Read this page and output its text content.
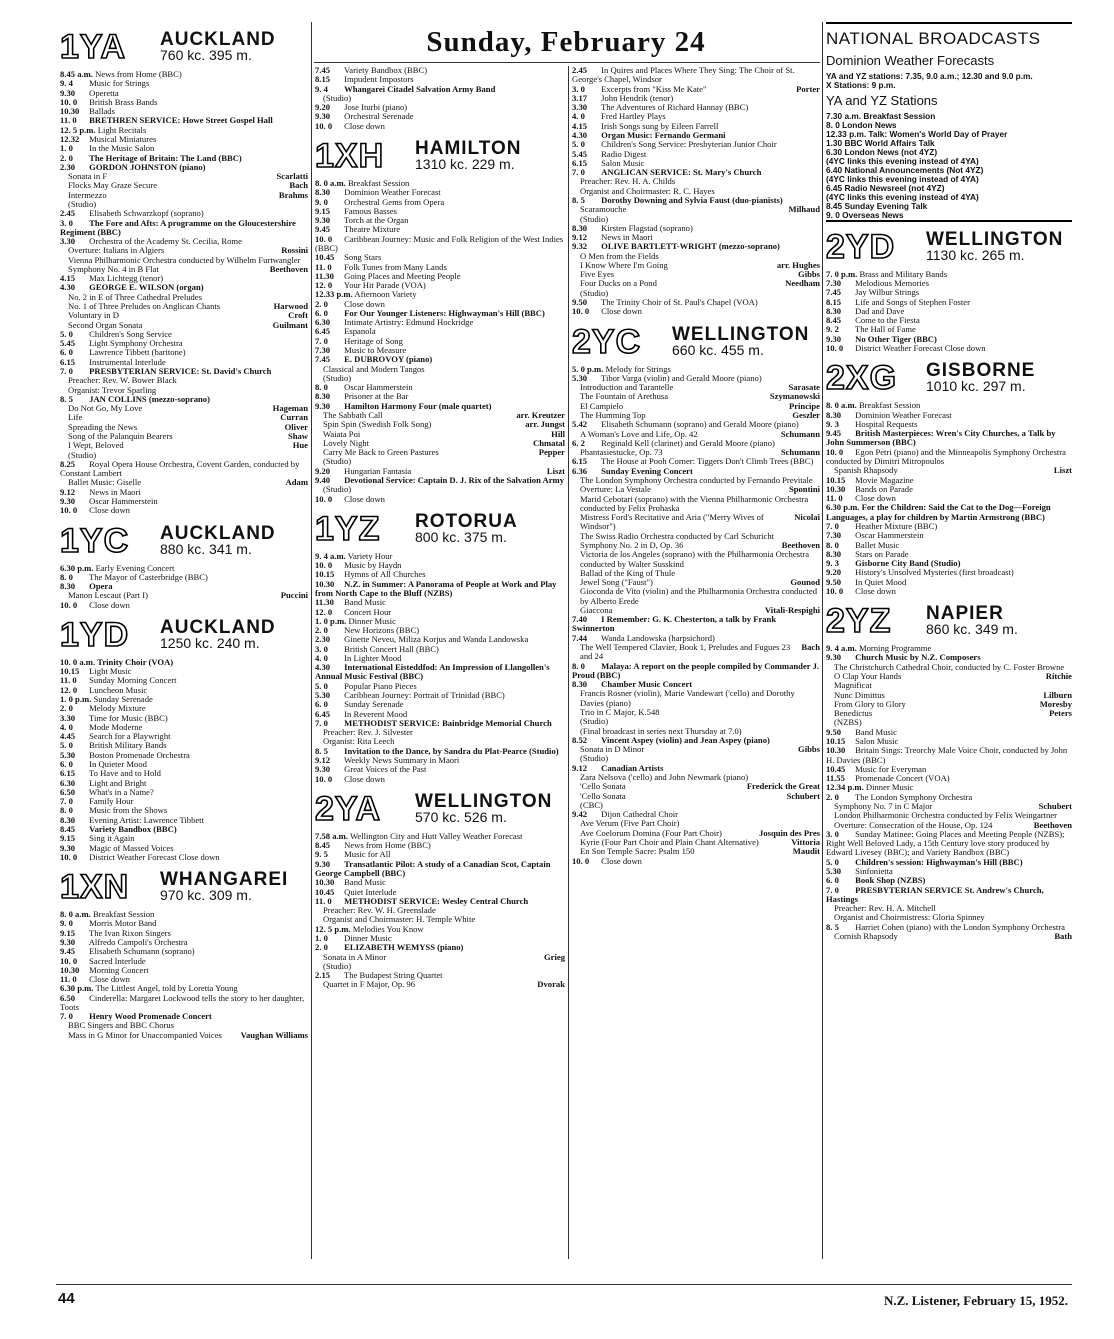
Sunday, February 24
1YA AUCKLAND
760 kc. 395 m.
8.45 a.m. News from Home (BBC)
9. 4 Music for Strings
9.30 Operetta
10. 0 British Brass Bands
10.30 Ballads
11. 0 BRETHREN SERVICE: Howe Street Gospel Hall
12. 5 p.m. Light Recitals
12.32 Musical Miniatures
1. 0 In the Music Salon
2. 0 The Heritage of Britain: The Land (BBC)
2.30 GORDON JOHNSTON (piano)
Scarlatti
Sonata in F
Bach
Flocks May Graze Secure
Brahms
Intermezzo
(Studio)
2.45 Elisabeth Schwarzkopf (soprano)
3. 0 The Fore and Afts: A programme on the Gloucestershire Regiment (BBC)
3.30 Orchestra of the Academy St. Cecilia, Rome
Rossini
Overture: Italians in Algiers
Vienna Philharmonic Orchestra conducted by Wilhelm Furtwangler
Beethoven
Symphony No. 4 in B Flat
4.15 Max Lichtegg (tenor)
4.30 GEORGE E. WILSON (organ)
No. 2 in E of Three Cathedral Preludes
Harwood
No. 1 of Three Preludes on Anglican Chants
Croft
Voluntary in D
Guilmant
Second Organ Sonata
5. 0 Children's Song Service
5.45 Light Symphony Orchestra
6. 0 Lawrence Tibbett (baritone)
6.15 Instrumental Interlude
7. 0 PRESBYTERIAN SERVICE: St. David's Church
Preacher: Rev. W. Bower Black
Organist: Trevor Sparling
8. 5 JAN COLLINS (mezzo-soprano)
Hageman
Do Not Go, My Love
Curran
Life
Oliver
Spreading the News
Shaw
Song of the Palanquin Bearers
Hue
I Wept, Beloved
(Studio)
8.25 Royal Opera House Orchestra, Covent Garden, conducted by Constant Lambert
Adam
Ballet Music: Giselle
9.12 News in Maori
9.30 Oscar Hammerstein
10. 0 Close down
1YC AUCKLAND
880 kc. 341 m.
6.30 p.m. Early Evening Concert
8. 0 The Mayor of Casterbridge (BBC)
8.30 Opera
Puccini
Manon Lescaut (Part I)
10. 0 Close down
1YD AUCKLAND
1250 kc. 240 m.
10. 0 a.m. Trinity Choir (VOA)
10.15 Light Music
11. 0 Sunday Morning Concert
12. 0 Luncheon Music
1. 0 p.m. Sunday Serenade
2. 0 Melody Mixture
3.30 Time for Music (BBC)
4. 0 Mode Moderne
4.45 Search for a Playwright
5. 0 British Military Bands
5.30 Boston Promenade Orchestra
6. 0 In Quieter Mood
6.15 To Have and to Hold
6.30 Light and Bright
6.50 What's in a Name?
7. 0 Family Hour
8. 0 Music from the Shows
8.30 Evening Artist: Lawrence Tibbett
8.45 Variety Bandbox (BBC)
9.15 Sing it Again
9.30 Magic of Massed Voices
10. 0 District Weather Forecast Close down
1XN WHANGAREI
970 kc. 309 m.
8. 0 a.m. Breakfast Session
9. 0 Morris Motor Band
9.15 The Ivan Rixon Singers
9.30 Alfredo Campoli's Orchestra
9.45 Elisabeth Schumann (soprano)
10. 0 Sacred Interlude
10.30 Morning Concert
11. 0 Close down
6.30 p.m. The Littlest Angel, told by Loretta Young
6.50 Cinderella: Margaret Lockwood tells the story to her daughter, Toots
7. 0 Henry Wood Promenade Concert
BBC Singers and BBC Chorus
Vaughan Williams
Mass in G Minor for Unaccompanied Voices
7.45 Variety Bandbox (BBC)
8.15 Impudent Impostors
9. 4 Whangarei Citadel Salvation Army Band
(Studio)
9.20 Jose Iturbi (piano)
9.30 Orchestral Serenade
10. 0 Close down
1XH HAMILTON
1310 kc. 229 m.
8. 0 a.m. Breakfast Session
8.30 Dominion Weather Forecast
9. 0 Orchestral Gems from Opera
9.15 Famous Basses
9.30 Torch at the Organ
9.45 Theatre Mixture
10. 0 Caribbean Journey: Music and Folk Religion of the West Indies (BBC)
10.45 Song Stars
11. 0 Folk Tunes from Many Lands
11.30 Going Places and Meeting People
12. 0 Your Hit Parade (VOA)
12.33 p.m. Afternoon Variety
2. 0 Close down
6. 0 For Our Younger Listeners: Highwayman's Hill (BBC)
6.30 Intimate Artistry: Edmund Hockridge
6.45 Espanola
7. 0 Heritage of Song
7.30 Music to Measure
7.45 E. DUBROVOY (piano)
Classical and Modern Tangos
(Studio)
8. 0 Oscar Hammerstein
8.30 Prisoner at the Bar
9.30 Hamilton Harmony Four (male quartet)
arr. Kreutzer
The Sabbath Call
arr. Jungst
Spin Spin (Swedish Folk Song)
Hill
Waiata Poi
Chmatal
Lovely Night
Pepper
Carry Me Back to Green Pastures
(Studio)
Liszt
9.20 Hungarian Fantasia
9.40 Devotional Service: Captain D. J. Rix of the Salvation Army
(Studio)
10. 0 Close down
1YZ ROTORUA
800 kc. 375 m.
9. 4 a.m. Variety Hour
10. 0 Music by Haydn
10.15 Hymns of All Churches
10.30 N.Z. in Summer: A Panorama of People at Work and Play from North Cape to the Bluff (NZBS)
11.30 Band Music
12. 0 Concert Hour
1. 0 p.m. Dinner Music
2. 0 New Horizons (BBC)
2.30 Ginette Neveu, Miliza Korjus and Wanda Landowska
3. 0 British Concert Hall (BBC)
4. 0 In Lighter Mood
4.30 International Eisteddfod: An Impression of Llangollen's Annual Music Festival (BBC)
5. 0 Popular Piano Pieces
5.30 Caribbean Journey: Portrait of Trinidad (BBC)
6. 0 Sunday Serenade
6.45 In Reverent Mood
7. 0 METHODIST SERVICE: Bainbridge Memorial Church
Preacher: Rev. J. Silvester
Organist: Rita Leech
8. 5 Invitation to the Dance, by Sandra du Plat-Pearce (Studio)
9.12 Weekly News Summary in Maori
9.30 Great Voices of the Past
10. 0 Close down
2YA WELLINGTON
570 kc. 526 m.
7.58 a.m. Wellington City and Hutt Valley Weather Forecast
8.45 News from Home (BBC)
9. 5 Music for All
9.30 Transatlantic Pilot: A study of a Canadian Scot, Captain George Campbell (BBC)
10.30 Band Music
10.45 Quiet Interlude
11. 0 METHODIST SERVICE: Wesley Central Church
Preacher: Rev. W. H. Greenslade
Organist and Choirmaster: H. Temple White
12. 5 p.m. Melodies You Know
1. 0 Dinner Music
2. 0 ELIZABETH WEMYSS (piano)
Grieg
Sonata in A Minor
(Studio)
2.15 The Budapest String Quartet
Dvorak
Quartet in F Major, Op. 96
2.45 In Quires and Places Where They Sing: The Choir of St. George's Chapel, Windsor
Porter
3. 0 Excerpts from "Kiss Me Kate"
3.17 John Hendrik (tenor)
3.30 The Adventures of Richard Hannay (BBC)
4. 0 Fred Hartley Plays
4.15 Irish Songs sung by Eileen Farrell
4.30 Organ Music: Fernando Germani
5. 0 Children's Song Service: Presbyterian Junior Choir
5.45 Radio Digest
6.15 Salon Music
7. 0 ANGLICAN SERVICE: St. Mary's Church
Preacher: Rev. H. A. Childs
Organist and Choirmaster: R. C. Hayes
8. 5 Dorothy Downing and Sylvia Faust (duo-pianists)
Milhaud
Scaramouche
(Studio)
8.30 Kirsten Flagstad (soprano)
9.12 News in Maori
9.32 OLIVE BARTLETT-WRIGHT (mezzo-soprano)
O Men from the Fields
arr. Hughes
I Know Where I'm Going
Gibbs
Five Eyes
Needham
Four Ducks on a Pond
(Studio)
9.50 The Trinity Choir of St. Paul's Chapel (VOA)
10. 0 Close down
2YC WELLINGTON
660 kc. 455 m.
5. 0 p.m. Melody for Strings
5.30 Tibor Varga (violin) and Gerald Moore (piano)
Sarasate
Introduction and Tarantelle
Szymanowski
The Fountain of Arethusa
Principe
El Campielo
Geszler
The Humming Top
5.42 Elisabeth Schumann (soprano) and Gerald Moore (piano)
Schumann
A Woman's Love and Life, Op. 42
6. 2 Reginald Kell (clarinet) and Gerald Moore (piano)
Schumann
Phantasiestucke, Op. 73
6.15 The House at Pooh Corner: Tiggers Don't Climb Trees (BBC)
6.36 Sunday Evening Concert
The London Symphony Orchestra conducted by Fernando Previtale
Spontini
Overture: La Vestale
Marid Cebotari (soprano) with the Vienna Philharmonic Orchestra conducted by Felix Prohaska
Nicolai
Mistress Ford's Recitative and Aria ("Merry Wives of Windsor")
The Swiss Radio Orchestra conducted by Carl Schuricht
Beethoven
Symphony No. 2 in D, Op. 36
Victoria de los Angeles (soprano) with the Philharmonia Orchestra conducted by Walter Susskind
Ballad of the King of Thule
Gounod
Jewel Song ("Faust")
Gioconda de Vito (violin) and the Philharmonia Orchestra conducted by Alberto Erede
Vitali-Respighi
Giaccona
7.40 I Remember: G. K. Chesterton, a talk by Frank Swinnerton
7.44 Wanda Landowska (harpsichord)
Bach
The Well Tempered Clavier, Book 1, Preludes and Fugues 23 and 24
8. 0 Malaya: A report on the people compiled by Commander J. Proud (BBC)
8.30 Chamber Music Concert
Francis Rosner (violin), Marie Vandewart ('cello) and Dorothy Davies (piano)
Trio in C Major, K.548
(Studio)
(Final broadcast in series next Thursday at 7.0)
8.52 Vincent Aspey (violin) and Jean Aspey (piano)
Gibbs
Sonata in D Minor
(Studio)
9.12 Canadian Artists
Zara Nelsova ('cello) and John Newmark (piano)
Frederick the Great
'Cello Sonata
Schubert
'Cello Sonata
(CBC)
9.42 Dijon Cathedral Choir
Ave Verum (Five Part Choir)
Josquin des Pres
Ave Coelorum Domina (Four Part Choir)
Vittoria
Kyrie (Four Part Choir and Plain Chant Alternative)
Maudit
En Son Temple Sacre: Psalm 150
10. 0 Close down
NATIONAL BROADCASTS
Dominion Weather Forecasts
YA and YZ stations: 7.35, 9.0 a.m.; 12.30 and 9.0 p.m.
X Stations: 9 p.m.
YA and YZ Stations
7.30 a.m. Breakfast Session
8. 0 London News
12.33 p.m. Talk: Women's World Day of Prayer
1.30 BBC World Affairs Talk
6.30 London News (not 4YZ)
(4YC links this evening instead of 4YA)
6.40 National Announcements (Not 4YZ)
(4YC links this evening instead of 4YA)
6.45 Radio Newsreel (not 4YZ)
(4YC links this evening instead of 4YA)
8.45 Sunday Evening Talk
9. 0 Overseas News
2YD WELLINGTON
1130 kc. 265 m.
7. 0 p.m. Brass and Military Bands
7.30 Melodious Memories
7.45 Jay Wilbur Strings
8.15 Life and Songs of Stephen Foster
8.30 Dad and Dave
8.45 Come to the Fiesta
9. 2 The Hall of Fame
9.30 No Other Tiger (BBC)
10. 0 District Weather Forecast Close down
2XG GISBORNE
1010 kc. 297 m.
8. 0 a.m. Breakfast Session
8.30 Dominion Weather Forecast
9. 3 Hospital Requests
9.45 British Masterpieces: Wren's City Churches, a Talk by John Summerson (BBC)
10. 0 Egon Petri (piano) and the Minneapolis Symphony Orchestra conducted by Dimitri Mitropoulos
Liszt
Spanish Rhapsody
10.15 Movie Magazine
10.30 Bands on Parade
11. 0 Close down
6.30 p.m. For the Children: Said the Cat to the Dog—Foreign Languages, a play for children by Martin Armstrong (BBC)
7. 0 Heather Mixture (BBC)
7.30 Oscar Hammerstein
8. 0 Ballet Music
8.30 Stars on Parade
9. 3 Gisborne City Band (Studio)
9.20 History's Unsolved Mysteries (first broadcast)
9.50 In Quiet Mood
10. 0 Close down
2YZ NAPIER
860 kc. 349 m.
9. 4 a.m. Morning Programme
9.30 Church Music by N.Z. Composers
The Christchurch Cathedral Choir, conducted by C. Foster Browne
Ritchie
O Clap Your Hands
Magnificat
Lilburn
Nunc Dimittus
Moresby
From Glory to Glory
Peters
Benedictus
(NZBS)
9.50 Band Music
10.15 Salon Music
10.30 Britain Sings: Treorchy Male Voice Choir, conducted by John H. Davies (BBC)
10.45 Music for Everyman
11.55 Promenade Concert (VOA)
12.34 p.m. Dinner Music
2. 0 The London Symphony Orchestra
Schubert
Symphony No. 7 in C Major
London Philharmonic Orchestra conducted by Felix Weingartner
Beethoven
Overture: Consecration of the House, Op. 124
3. 0 Sunday Matinee: Going Places and Meeting People (NZBS); Right Well Beloved Lady, a 15th Century love story produced by Edward Livesey (BBC); and Variety Bandbox (BBC)
5. 0 Children's session: Highwayman's Hill (BBC)
5.30 Sinfonietta
6. 0 Book Shop (NZBS)
7. 0 PRESBYTERIAN SERVICE St. Andrew's Church, Hastings
Preacher: Rev. H. A. Mitchell
Organist and Choirmistress: Gloria Spinney
8. 5 Harriet Cohen (piano) with the London Symphony Orchestra
Bath
Cornish Rhapsody
44	N.Z. Listener, February 15, 1952.
